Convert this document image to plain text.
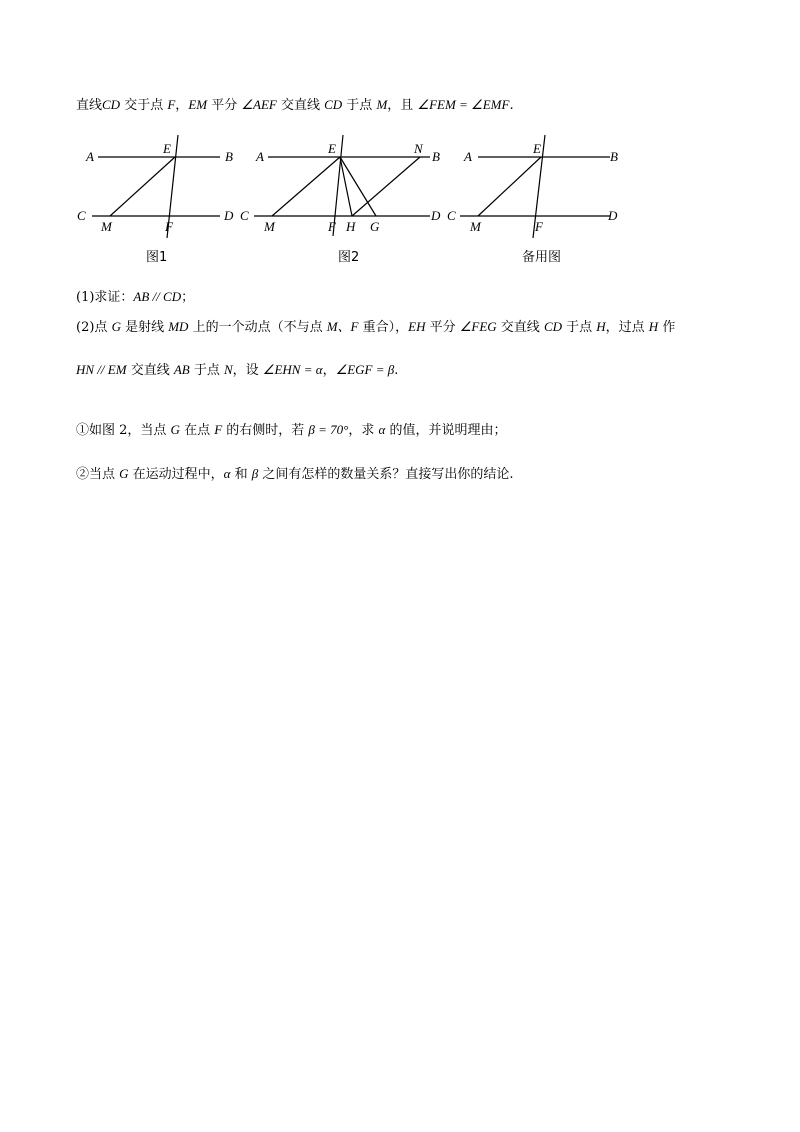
直线CD 交于点 F，EM 平分 ∠AEF 交直线 CD 于点 M，且 ∠FEM = ∠EMF.
A	B
C	D
E
F
M
图1
A	B
C	D
E	N
M	F H G
图2
A	B
C	D
E
F
M
备用图
(1)求证：AB // CD；
(2)点 G 是射线 MD 上的一个动点（不与点 M、F 重合），EH 平分 ∠FEG 交直线 CD 于点 H，过点 H 作
HN // EM 交直线 AB 于点 N，设 ∠EHN = α，∠EGF = β.
①如图 2，当点 G 在点 F 的右侧时，若 β = 70°，求 α 的值，并说明理由；
②当点 G 在运动过程中，α 和 β 之间有怎样的数量关系？直接写出你的结论.
